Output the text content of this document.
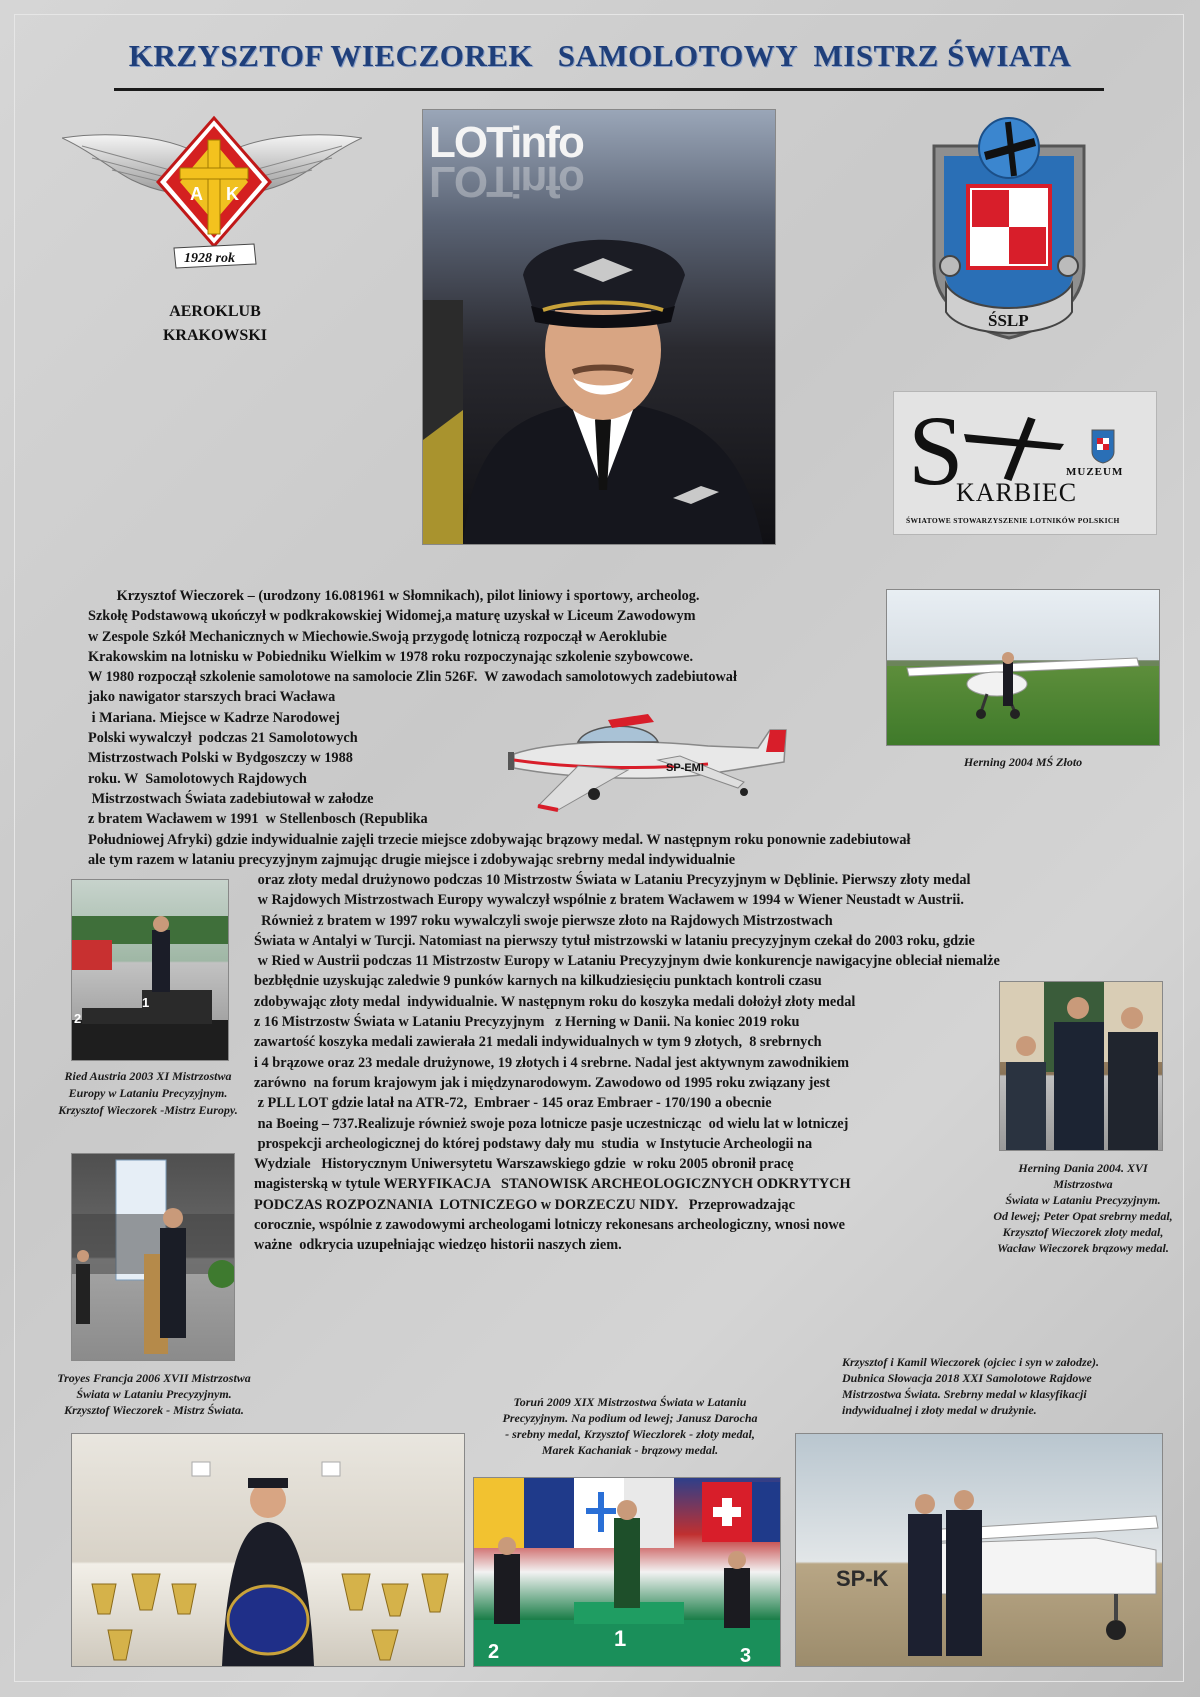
KRZYSZTOF WIECZOREK   SAMOLOTOWY  MISTRZ ŚWIATA
A K
1928 rok
AEROKLUB
KRAKOWSKI
LOTinfo
LOTinfo
ŚSLP
S	MUZEUM
KARBIEC
ŚWIATOWE STOWARZYSZENIE LOTNIKÓW POLSKICH
Herning 2004 MŚ Złoto
SP-EMI
2
1
Ried Austria 2003 XI Mistrzostwa
Europy w Lataniu Precyzyjnym.
Krzysztof Wieczorek -Mistrz Europy.
Herning Dania 2004. XVI Mistrzostwa
Świata w Lataniu Precyzyjnym.
Od lewej; Peter Opat srebrny medal,
Krzysztof Wieczorek złoty medal,
Wacław Wieczorek brązowy medal.
Troyes Francja 2006 XVII Mistrzostwa
Świata w Lataniu Precyzyjnym.
Krzysztof Wieczorek - Mistrz Świata.
Krzysztof Wieczorek – (urodzony 16.081961 w Słomnikach), pilot liniowy i sportowy, archeolog.
Szkołę Podstawową ukończył w podkrakowskiej Widomej,a maturę uzyskał w Liceum Zawodowym
w Zespole Szkół Mechanicznych w Miechowie.Swoją przygodę lotniczą rozpoczął w Aeroklubie
Krakowskim na lotnisku w Pobiedniku Wielkim w 1978 roku rozpoczynając szkolenie szybowcowe.
W 1980 rozpoczął szkolenie samolotowe na samolocie Zlin 526F.  W zawodach samolotowych zadebiutował
jako nawigator starszych braci Wacława
i Mariana. Miejsce w Kadrze Narodowej
Polski wywalczył  podczas 21 Samolotowych
Mistrzostwach Polski w Bydgoszczy w 1988
roku. W  Samolotowych Rajdowych
Mistrzostwach Świata zadebiutował w załodze
z bratem Wacławem w 1991  w Stellenbosch (Republika
Południowej Afryki) gdzie indywidualnie zajęli trzecie miejsce zdobywając brązowy medal. W następnym roku ponownie zadebiutował
ale tym razem w lataniu precyzyjnym zajmując drugie miejsce i zdobywając srebrny medal indywidualnie
oraz złoty medal drużynowo podczas 10 Mistrzostw Świata w Lataniu Precyzyjnym w Dęblinie. Pierwszy złoty medal
w Rajdowych Mistrzostwach Europy wywalczył wspólnie z bratem Wacławem w 1994 w Wiener Neustadt w Austrii.
Również z bratem w 1997 roku wywalczyli swoje pierwsze złoto na Rajdowych Mistrzostwach
Świata w Antalyi w Turcji. Natomiast na pierwszy tytuł mistrzowski w lataniu precyzyjnym czekał do 2003 roku, gdzie
w Ried w Austrii podczas 11 Mistrzostw Europy w Lataniu Precyzyjnym dwie konkurencje nawigacyjne obleciał niemalże
bezbłędnie uzyskując zaledwie 9 punków karnych na kilkudziesięciu punktach kontroli czasu
zdobywając złoty medal  indywidualnie. W następnym roku do koszyka medali dołożył złoty medal
z 16 Mistrzostw Świata w Lataniu Precyzyjnym   z Herning w Danii. Na koniec 2019 roku
zawartość koszyka medali zawierała 21 medali indywidualnych w tym 9 złotych,  8 srebrnych
i 4 brązowe oraz 23 medale drużynowe, 19 złotych i 4 srebrne. Nadal jest aktywnym zawodnikiem
zarówno  na forum krajowym jak i międzynarodowym. Zawodowo od 1995 roku związany jest
z PLL LOT gdzie latał na ATR-72,  Embraer - 145 oraz Embraer - 170/190 a obecnie
na Boeing – 737.Realizuje również swoje poza lotnicze pasje uczestnicząc  od wielu lat w lotniczej
prospekcji archeologicznej do której podstawy dały mu  studia  w Instytucie Archeologii na
Wydziale   Historycznym Uniwersytetu Warszawskiego gdzie  w roku 2005 obronił pracę
magisterską w tytule WERYFIKACJA   STANOWISK ARCHEOLOGICZNYCH ODKRYTYCH
PODCZAS ROZPOZNANIA  LOTNICZEGO w DORZECZU NIDY.   Przeprowadzając
corocznie, wspólnie z zawodowymi archeologami lotniczy rekonesans archeologiczny, wnosi nowe
ważne  odkrycia uzupełniając wiedzęo historii naszych ziem.
Toruń 2009 XIX Mistrzostwa Świata w Lataniu
Precyzyjnym. Na podium od lewej; Janusz Darocha
- srebny medal, Krzysztof Wieczlorek - złoty medal,
Marek Kachaniak - brązowy medal.
Krzysztof i Kamil Wieczorek (ojciec i syn w załodze).
Dubnica Słowacja 2018 XXI Samolotowe Rajdowe
Mistrzostwa Świata. Srebrny medal w klasyfikacji
indywidualnej i złoty medal w drużynie.
2
1
3
SP-K
